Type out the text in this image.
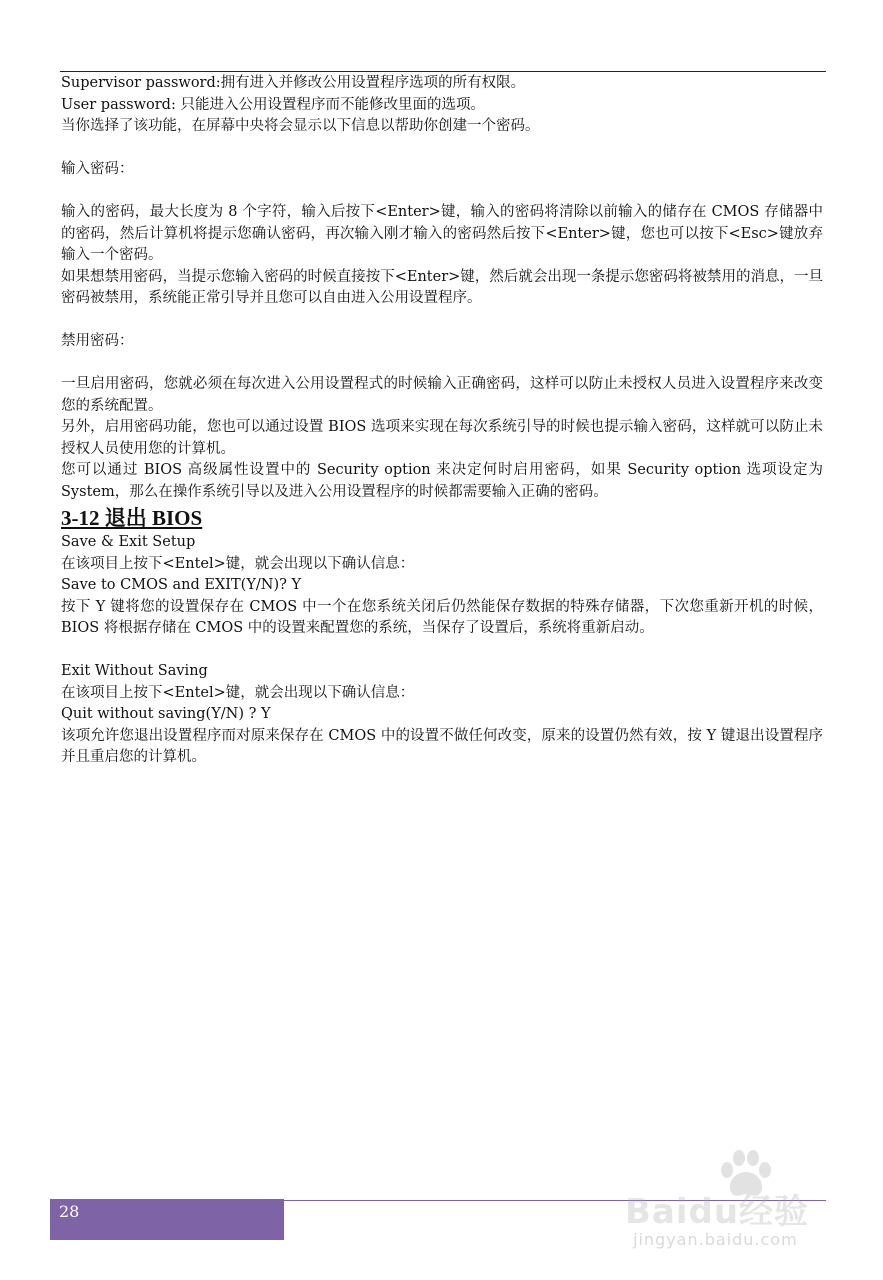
Supervisor password:拥有进入并修改公用设置程序选项的所有权限。

User password: 只能进入公用设置程序而不能修改里面的选项。

当你选择了该功能，在屏幕中央将会显示以下信息以帮助你创建一个密码。

输入密码：

输入的密码，最大长度为 8 个字符，输入后按下<Enter>键，输入的密码将清除以前输入的储存在 CMOS 存储器中的密码，然后计算机将提示您确认密码，再次输入刚才输入的密码然后按下<Enter>键，您也可以按下<Esc>键放弃输入一个密码。

如果想禁用密码，当提示您输入密码的时候直接按下<Enter>键，然后就会出现一条提示您密码将被禁用的消息，一旦密码被禁用，系统能正常引导并且您可以自由进入公用设置程序。

禁用密码：

一旦启用密码，您就必须在每次进入公用设置程式的时候输入正确密码，这样可以防止未授权人员进入设置程序来改变您的系统配置。

另外，启用密码功能，您也可以通过设置 BIOS 选项来实现在每次系统引导的时候也提示输入密码，这样就可以防止未授权人员使用您的计算机。

您可以通过 BIOS 高级属性设置中的 Security option 来决定何时启用密码，如果 Security option 选项设定为 System，那么在操作系统引导以及进入公用设置程序的时候都需要输入正确的密码。

3-12 退出 BIOS

Save & Exit Setup

在该项目上按下<Entel>键，就会出现以下确认信息：

Save to CMOS and EXIT(Y/N)? Y

按下 Y 键将您的设置保存在 CMOS 中一个在您系统关闭后仍然能保存数据的特殊存储器，下次您重新开机的时候，BIOS 将根据存储在 CMOS 中的设置来配置您的系统，当保存了设置后，系统将重新启动。

Exit Without Saving

在该项目上按下<Entel>键，就会出现以下确认信息：

Quit without saving(Y/N) ? Y

该项允许您退出设置程序而对原来保存在 CMOS 中的设置不做任何改变，原来的设置仍然有效，按 Y 键退出设置程序并且重启您的计算机。

28	Baidu经验
jingyan.baidu.com
